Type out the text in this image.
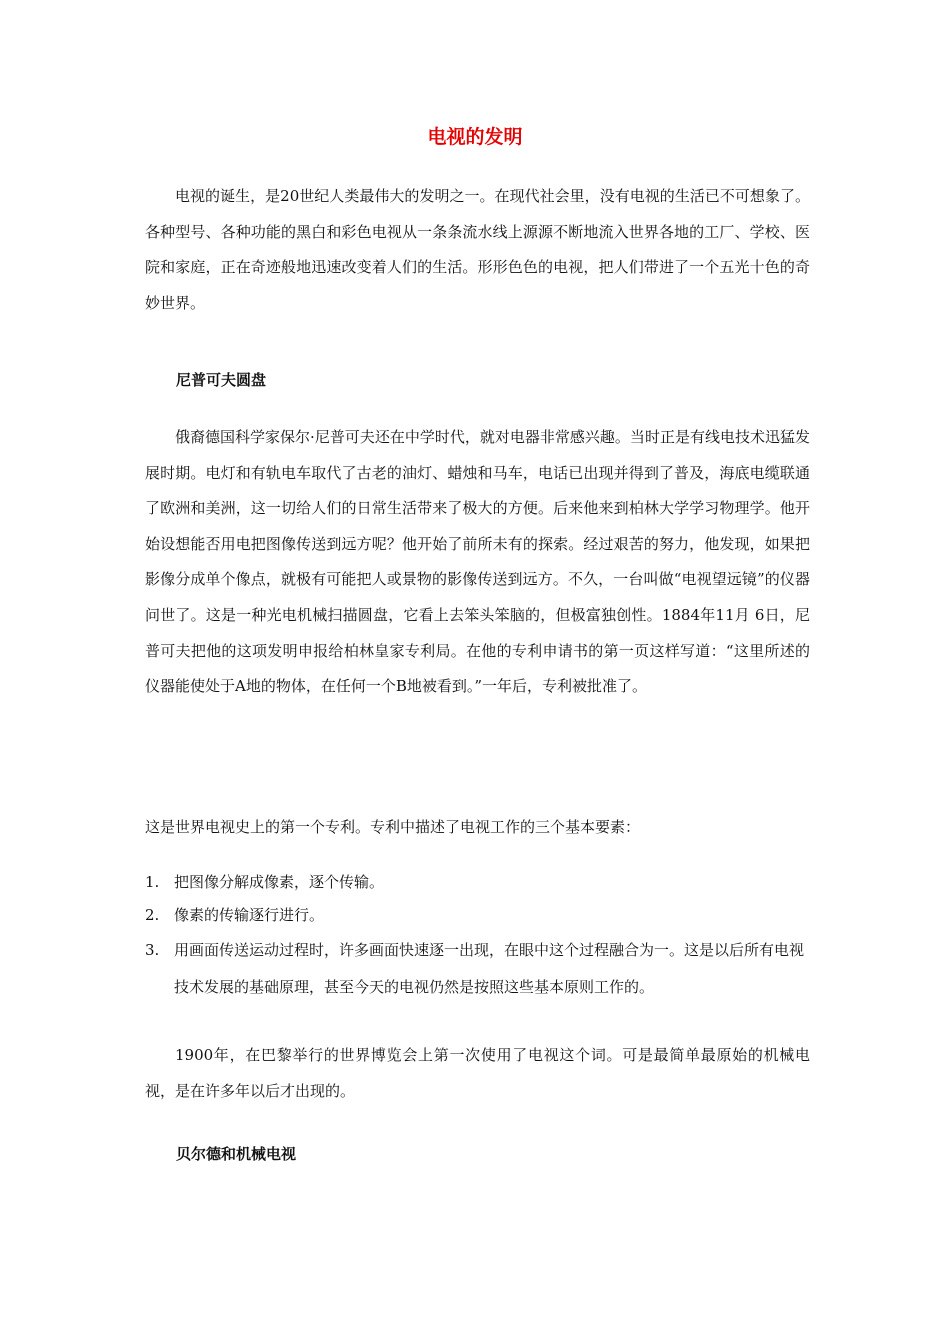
电视的发明

电视的诞生，是20世纪人类最伟大的发明之一。在现代社会里，没有电视的生活已不可想象了。各种型号、各种功能的黑白和彩色电视从一条条流水线上源源不断地流入世界各地的工厂、学校、医院和家庭，正在奇迹般地迅速改变着人们的生活。形形色色的电视，把人们带进了一个五光十色的奇妙世界。

尼普可夫圆盘

俄裔德国科学家保尔·尼普可夫还在中学时代，就对电器非常感兴趣。当时正是有线电技术迅猛发展时期。电灯和有轨电车取代了古老的油灯、蜡烛和马车，电话已出现并得到了普及，海底电缆联通了欧洲和美洲，这一切给人们的日常生活带来了极大的方便。后来他来到柏林大学学习物理学。他开始设想能否用电把图像传送到远方呢？他开始了前所未有的探索。经过艰苦的努力，他发现，如果把影像分成单个像点，就极有可能把人或景物的影像传送到远方。不久，一台叫做“电视望远镜”的仪器问世了。这是一种光电机械扫描圆盘，它看上去笨头笨脑的，但极富独创性。1884年11月 6日，尼普可夫把他的这项发明申报给柏林皇家专利局。在他的专利申请书的第一页这样写道：“这里所述的仪器能使处于A地的物体，在任何一个B地被看到。”一年后，专利被批准了。

这是世界电视史上的第一个专利。专利中描述了电视工作的三个基本要素：

1. 把图像分解成像素，逐个传输。
2. 像素的传输逐行进行。
3. 用画面传送运动过程时，许多画面快速逐一出现，在眼中这个过程融合为一。这是以后所有电视技术发展的基础原理，甚至今天的电视仍然是按照这些基本原则工作的。

1900年，在巴黎举行的世界博览会上第一次使用了电视这个词。可是最简单最原始的机械电视，是在许多年以后才出现的。

贝尔德和机械电视
